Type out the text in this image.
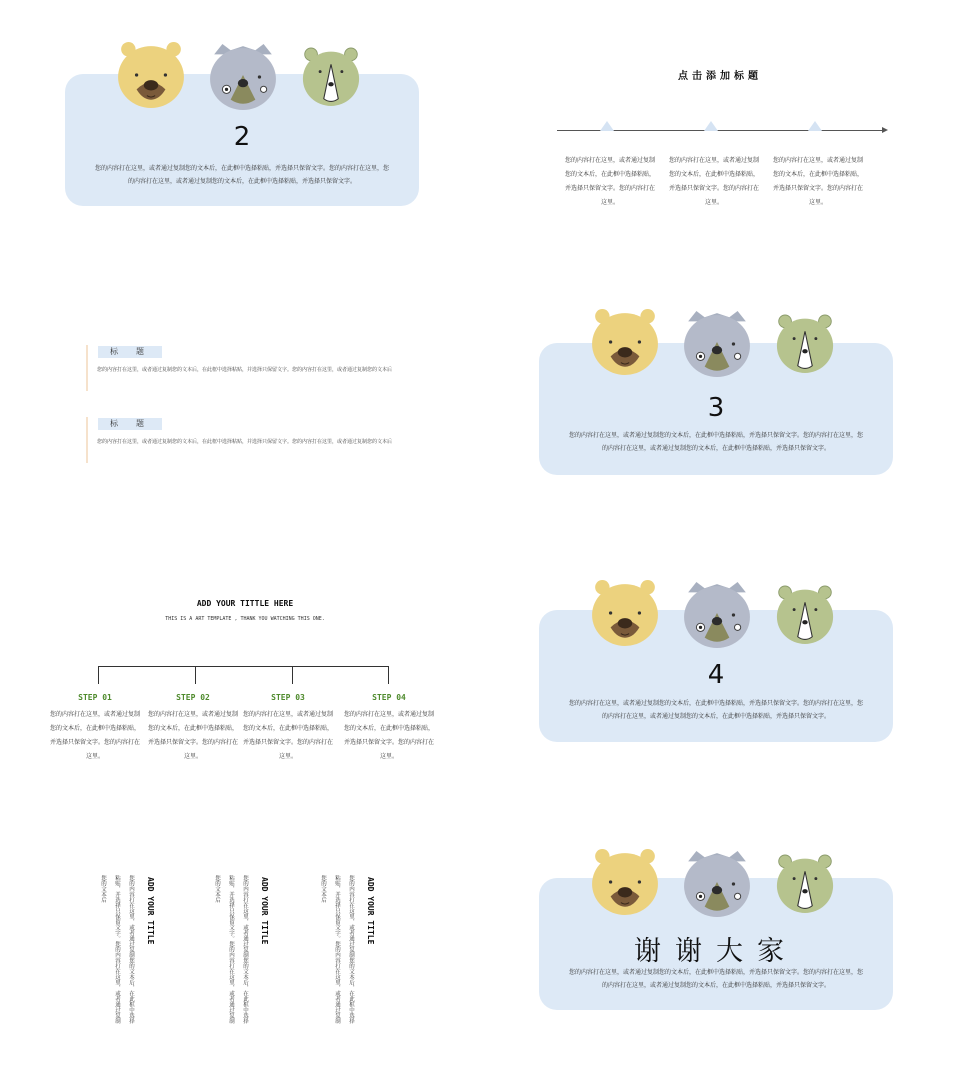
2
您的内容打在这里，或者通过复制您的文本后，在此框中选择粘贴，并选择只保留文字。您的内容打在这里，您的内容打在这里，或者通过复制您的文本后，在此框中选择粘贴，并选择只保留文字。
点击添加标题
您的内容打在这里，或者通过复制您的文本后，在此框中选择粘贴，并选择只保留文字。您的内容打在这里。
您的内容打在这里，或者通过复制您的文本后，在此框中选择粘贴，并选择只保留文字。您的内容打在这里。
您的内容打在这里，或者通过复制您的文本后，在此框中选择粘贴，并选择只保留文字。您的内容打在这里。
标题
您的内容打在这里，或者通过复制您的文本后，在此框中选择粘贴，并选择只保留文字。您的内容打在这里，或者通过复制您的文本后
标题
您的内容打在这里，或者通过复制您的文本后，在此框中选择粘贴，并选择只保留文字。您的内容打在这里，或者通过复制您的文本后
3
您的内容打在这里，或者通过复制您的文本后，在此框中选择粘贴，并选择只保留文字。您的内容打在这里，您的内容打在这里，或者通过复制您的文本后，在此框中选择粘贴，并选择只保留文字。
ADD YOUR TITTLE HERE
THIS IS A ART TEMPLATE , THANK YOU WATCHING THIS ONE.
STEP 01	STEP 02	STEP 03	STEP 04
您的内容打在这里，或者通过复制您的文本后，在此框中选择粘贴，并选择只保留文字。您的内容打在这里。
您的内容打在这里，或者通过复制您的文本后，在此框中选择粘贴，并选择只保留文字。您的内容打在这里。
您的内容打在这里，或者通过复制您的文本后，在此框中选择粘贴，并选择只保留文字。您的内容打在这里。
您的内容打在这里，或者通过复制您的文本后，在此框中选择粘贴，并选择只保留文字。您的内容打在这里。
4
您的内容打在这里，或者通过复制您的文本后，在此框中选择粘贴，并选择只保留文字。您的内容打在这里，您的内容打在这里，或者通过复制您的文本后，在此框中选择粘贴，并选择只保留文字。
ADD YOUR TITLE
您的内容打在这里，或者通过复制您的文本后，在此框中选择粘贴，并选择只保留文字。您的内容打在这里，或者通过复制您的文本后	ADD YOUR TITLE
您的内容打在这里，或者通过复制您的文本后，在此框中选择粘贴，并选择只保留文字。您的内容打在这里，或者通过复制您的文本后	ADD YOUR TITLE
您的内容打在这里，或者通过复制您的文本后，在此框中选择粘贴，并选择只保留文字。您的内容打在这里，或者通过复制您的文本后
谢谢大家
您的内容打在这里，或者通过复制您的文本后，在此框中选择粘贴，并选择只保留文字。您的内容打在这里，您的内容打在这里，或者通过复制您的文本后，在此框中选择粘贴，并选择只保留文字。
